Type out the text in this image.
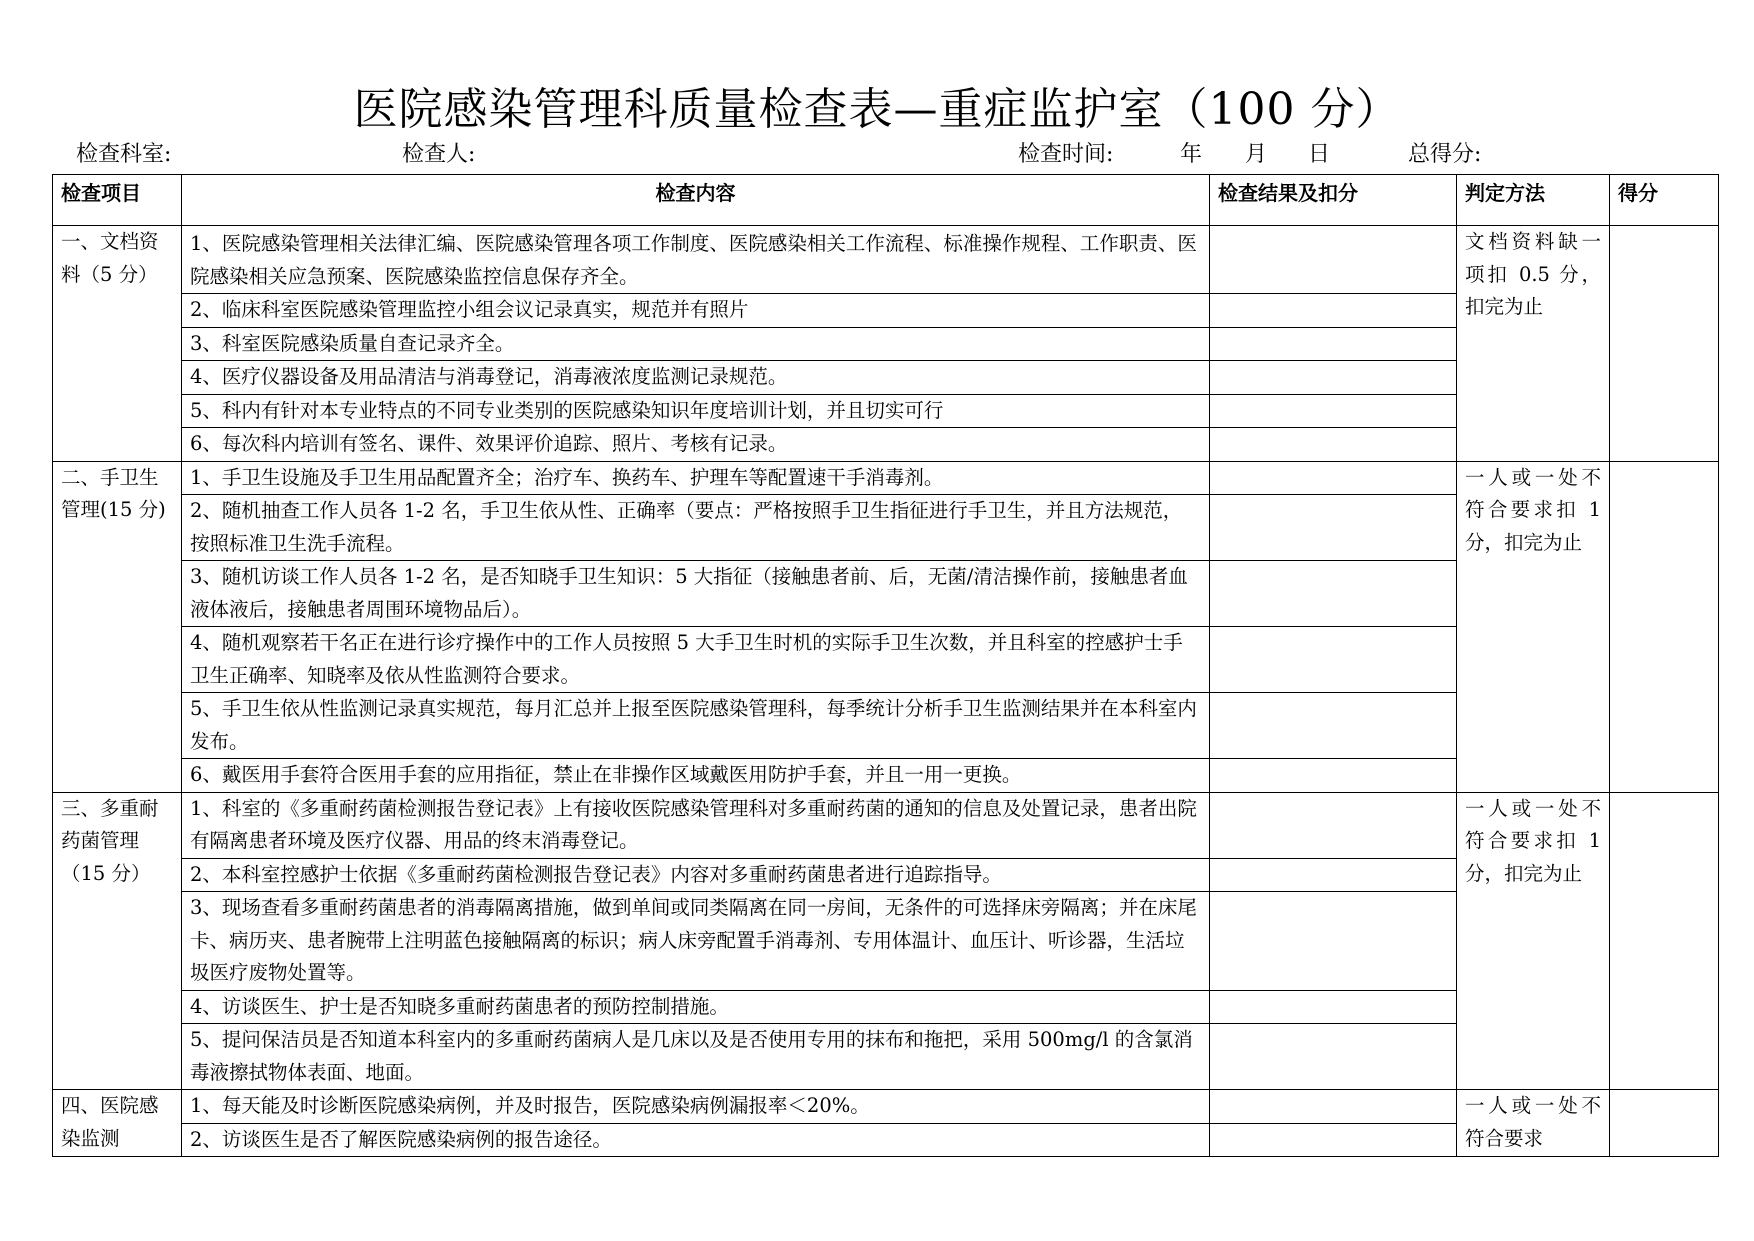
医院感染管理科质量检查表—重症监护室（100 分）
检查科室:	检查人:	检查时间:	年 月 日	总得分:
检查项目	检查内容	检查结果及扣分	判定方法	得分
一、文档资料（5 分）	1、医院感染管理相关法律汇编、医院感染管理各项工作制度、医院感染相关工作流程、标准操作规程、工作职责、医院感染相关应急预案、医院感染监控信息保存齐全。		文档资料缺一项扣 0.5 分，扣完为止	
	2、临床科室医院感染管理监控小组会议记录真实，规范并有照片			
	3、科室医院感染质量自查记录齐全。			
	4、医疗仪器设备及用品清洁与消毒登记，消毒液浓度监测记录规范。			
	5、科内有针对本专业特点的不同专业类别的医院感染知识年度培训计划，并且切实可行			
	6、每次科内培训有签名、课件、效果评价追踪、照片、考核有记录。			
二、手卫生管理(15 分)	1、手卫生设施及手卫生用品配置齐全；治疗车、换药车、护理车等配置速干手消毒剂。		一人或一处不符合要求扣 1 分，扣完为止	
	2、随机抽查工作人员各 1-2 名，手卫生依从性、正确率（要点：严格按照手卫生指征进行手卫生，并且方法规范，按照标准卫生洗手流程。			
	3、随机访谈工作人员各 1-2 名，是否知晓手卫生知识：5 大指征（接触患者前、后，无菌/清洁操作前，接触患者血液体液后，接触患者周围环境物品后）。			
	4、随机观察若干名正在进行诊疗操作中的工作人员按照 5 大手卫生时机的实际手卫生次数，并且科室的控感护士手卫生正确率、知晓率及依从性监测符合要求。			
	5、手卫生依从性监测记录真实规范，每月汇总并上报至医院感染管理科，每季统计分析手卫生监测结果并在本科室内发布。			
	6、戴医用手套符合医用手套的应用指征，禁止在非操作区域戴医用防护手套，并且一用一更换。			
三、多重耐药菌管理（15 分）	1、科室的《多重耐药菌检测报告登记表》上有接收医院感染管理科对多重耐药菌的通知的信息及处置记录，患者出院有隔离患者环境及医疗仪器、用品的终末消毒登记。		一人或一处不符合要求扣 1 分，扣完为止	
	2、本科室控感护士依据《多重耐药菌检测报告登记表》内容对多重耐药菌患者进行追踪指导。			
	3、现场查看多重耐药菌患者的消毒隔离措施，做到单间或同类隔离在同一房间，无条件的可选择床旁隔离；并在床尾卡、病历夹、患者腕带上注明蓝色接触隔离的标识；病人床旁配置手消毒剂、专用体温计、血压计、听诊器，生活垃圾医疗废物处置等。			
	4、访谈医生、护士是否知晓多重耐药菌患者的预防控制措施。			
	5、提问保洁员是否知道本科室内的多重耐药菌病人是几床以及是否使用专用的抹布和拖把，采用 500mg/l 的含氯消毒液擦拭物体表面、地面。			
四、医院感染监测	1、每天能及时诊断医院感染病例，并及时报告，医院感染病例漏报率＜20%。		一人或一处不符合要求	
	2、访谈医生是否了解医院感染病例的报告途径。			
